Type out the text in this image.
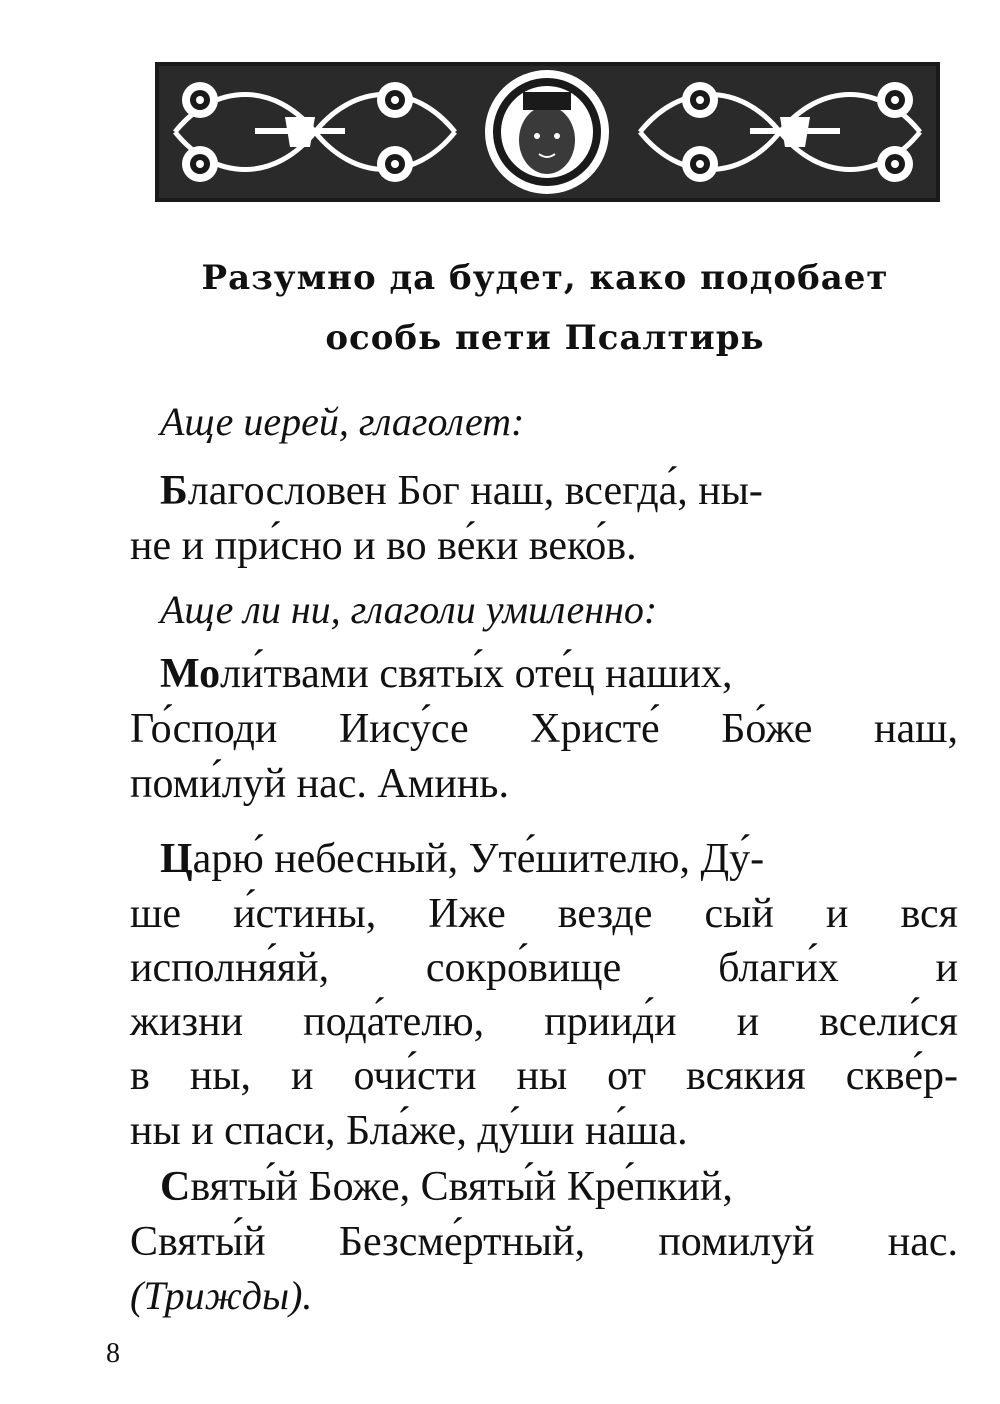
Разумно да будет, како подобает
особь пети Псалтирь
Аще иерей, глаголет:
Благословен Бог наш, всегда́, ны-
не и при́сно и во ве́ки веко́в.
Аще ли ни, глаголи умиленно:
Моли́твами святы́х оте́ц наших,
Го́споди Иису́се Христе́ Бо́же наш,
поми́луй нас. Аминь.
Царю́ небесный, Уте́шителю, Ду́-
ше и́стины, Иже везде сый и вся
исполня́яй, сокро́вище благи́х и
жизни пода́телю, приид́и и всели́ся
в ны, и очи́сти ны от всякия скве́р-
ны и спаси, Бла́же, ду́ши на́ша.
Святы́й Боже, Святы́й Кре́пкий,
Святы́й Безсме́ртный, помилуй нас.
(Трижды).
8
